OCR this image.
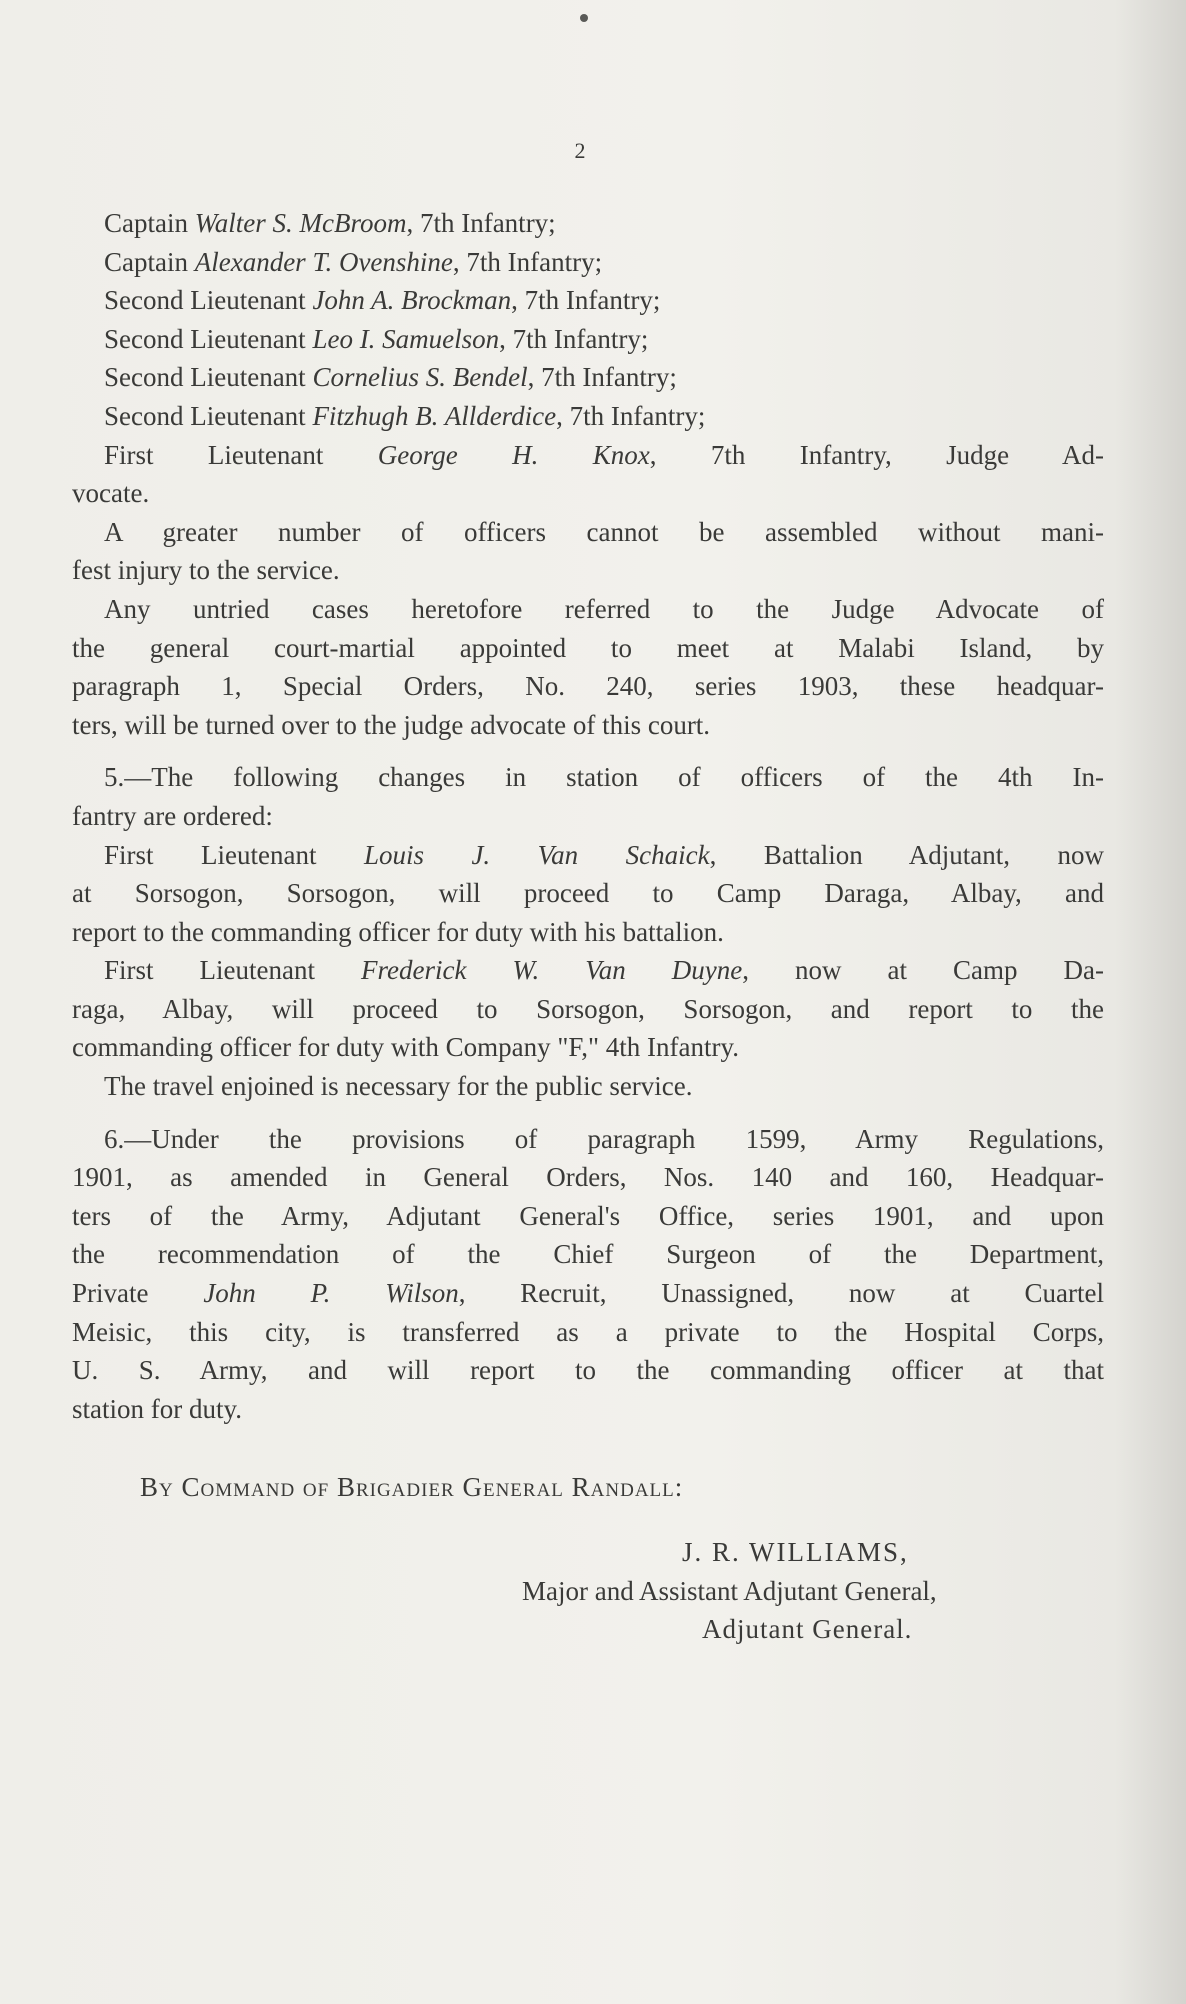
2
Captain Walter S. McBroom, 7th Infantry;
Captain Alexander T. Ovenshine, 7th Infantry;
Second Lieutenant John A. Brockman, 7th Infantry;
Second Lieutenant Leo I. Samuelson, 7th Infantry;
Second Lieutenant Cornelius S. Bendel, 7th Infantry;
Second Lieutenant Fitzhugh B. Allderdice, 7th Infantry;
First Lieutenant George H. Knox, 7th Infantry, Judge Ad-
vocate.
A greater number of officers cannot be assembled without mani-
fest injury to the service.
Any untried cases heretofore referred to the Judge Advocate of
the general court-martial appointed to meet at Malabi Island, by
paragraph 1, Special Orders, No. 240, series 1903, these headquar-
ters, will be turned over to the judge advocate of this court.
5.—The following changes in station of officers of the 4th In-
fantry are ordered:
First Lieutenant Louis J. Van Schaick, Battalion Adjutant, now
at Sorsogon, Sorsogon, will proceed to Camp Daraga, Albay, and
report to the commanding officer for duty with his battalion.
First Lieutenant Frederick W. Van Duyne, now at Camp Da-
raga, Albay, will proceed to Sorsogon, Sorsogon, and report to the
commanding officer for duty with Company "F," 4th Infantry.
The travel enjoined is necessary for the public service.
6.—Under the provisions of paragraph 1599, Army Regulations,
1901, as amended in General Orders, Nos. 140 and 160, Headquar-
ters of the Army, Adjutant General's Office, series 1901, and upon
the recommendation of the Chief Surgeon of the Department,
Private John P. Wilson, Recruit, Unassigned, now at Cuartel
Meisic, this city, is transferred as a private to the Hospital Corps,
U. S. Army, and will report to the commanding officer at that
station for duty.
By Command of Brigadier General Randall:
J. R. WILLIAMS,
Major and Assistant Adjutant General,
Adjutant General.
